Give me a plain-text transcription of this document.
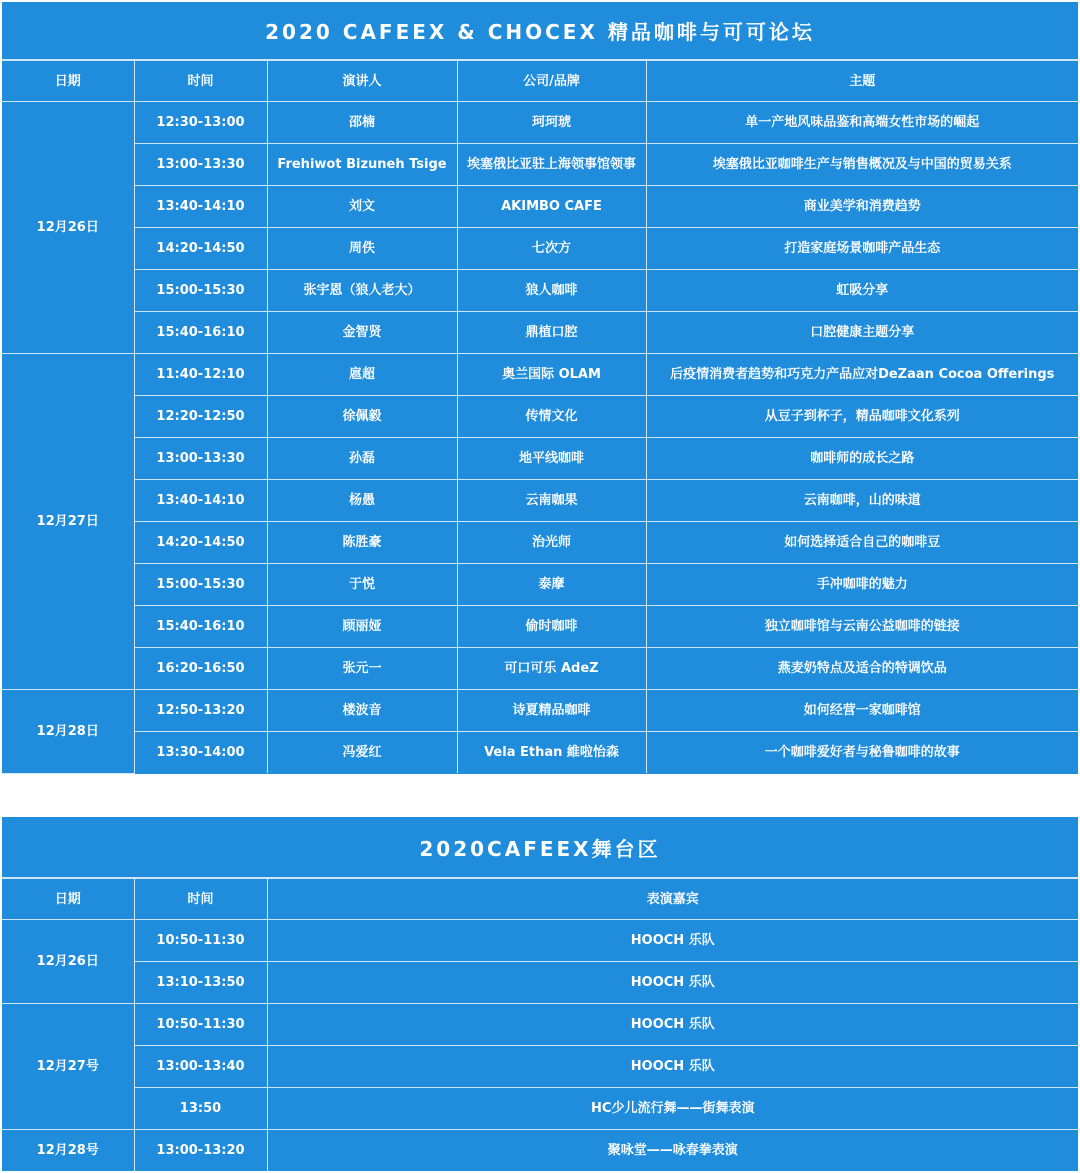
2020 CAFEEX & CHOCEX 精品咖啡与可可论坛
日期	时间	演讲人	公司/品牌	主题
12月26日	12:30-13:00	邵楠	珂珂琥	单一产地风味品鉴和高端女性市场的崛起
	13:00-13:30	Frehiwot Bizuneh Tsige	埃塞俄比亚驻上海领事馆领事	埃塞俄比亚咖啡生产与销售概况及与中国的贸易关系
	13:40-14:10	刘文	AKIMBO CAFE	商业美学和消费趋势
	14:20-14:50	周佚	七次方	打造家庭场景咖啡产品生态
	15:00-15:30	张宇恩（狼人老大）	狼人咖啡	虹吸分享
	15:40-16:10	金智贤	鼎植口腔	口腔健康主题分享
12月27日	11:40-12:10	扈超	奥兰国际 OLAM	后疫情消费者趋势和巧克力产品应对DeZaan Cocoa Offerings
	12:20-12:50	徐佩毅	传情文化	从豆子到杯子，精品咖啡文化系列
	13:00-13:30	孙磊	地平线咖啡	咖啡师的成长之路
	13:40-14:10	杨愚	云南咖果	云南咖啡，山的味道
	14:20-14:50	陈胜豪	治光师	如何选择适合自己的咖啡豆
	15:00-15:30	于悦	泰摩	手冲咖啡的魅力
	15:40-16:10	顾丽娅	偷时咖啡	独立咖啡馆与云南公益咖啡的链接
	16:20-16:50	张元一	可口可乐 AdeZ	燕麦奶特点及适合的特调饮品
12月28日	12:50-13:20	楼波音	诗夏精品咖啡	如何经营一家咖啡馆
	13:30-14:00	冯爱红	Vela Ethan 維啦怡森	一个咖啡爱好者与秘鲁咖啡的故事
2020CAFEEX舞台区
日期	时间	表演嘉宾
12月26日	10:50-11:30	HOOCH 乐队
	13:10-13:50	HOOCH 乐队
12月27号	10:50-11:30	HOOCH 乐队
	13:00-13:40	HOOCH 乐队
	13:50	HC少儿流行舞——街舞表演
12月28号	13:00-13:20	聚咏堂——咏春拳表演
